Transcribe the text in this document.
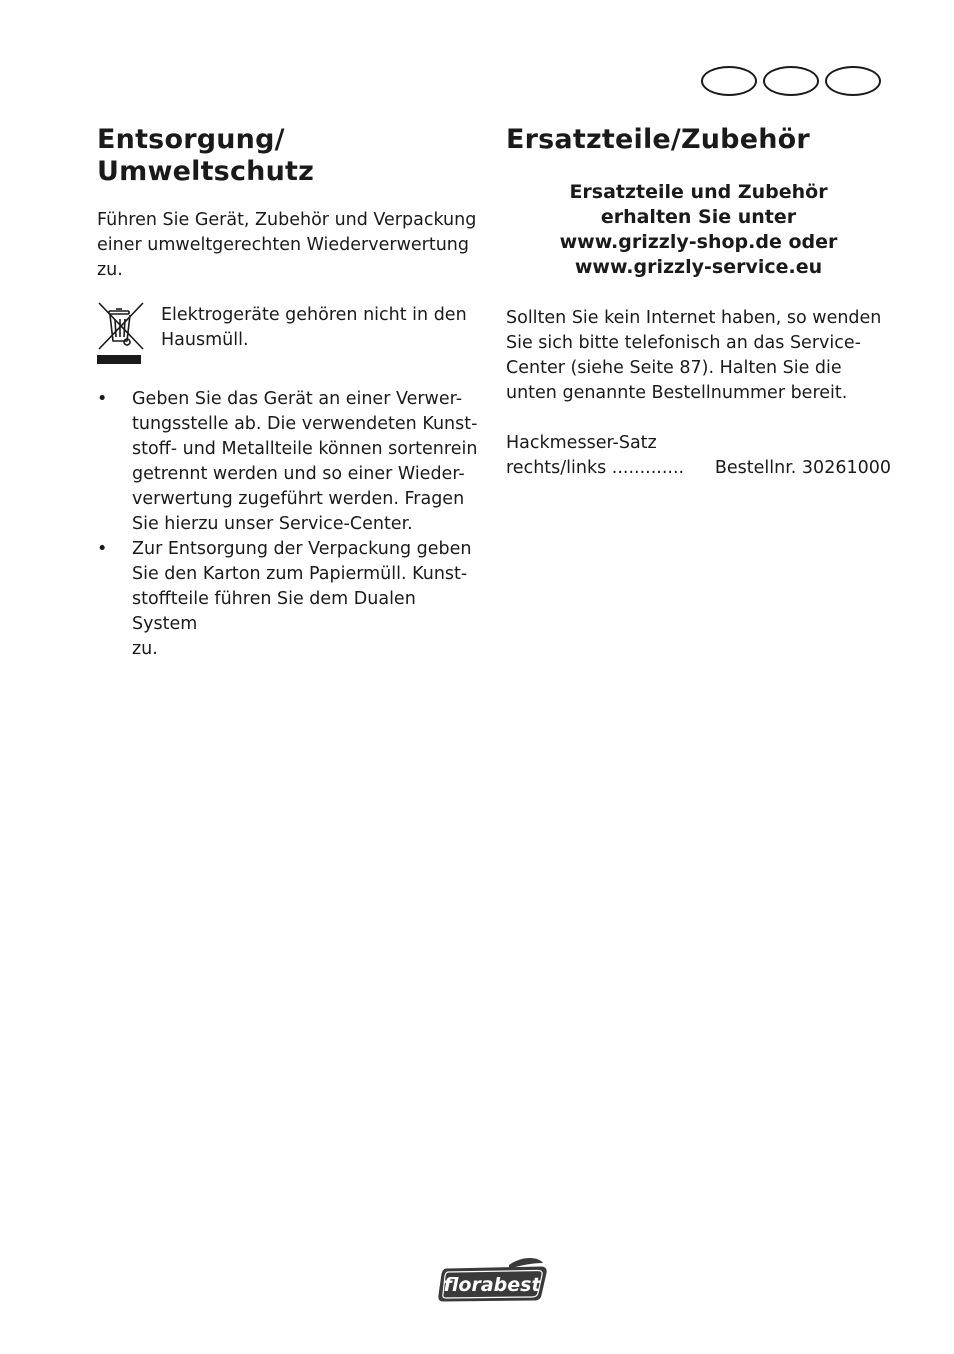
Entsorgung/
Umweltschutz

Führen Sie Gerät, Zubehör und Verpackung
einer umweltgerechten Wiederverwertung
zu.

Elektrogeräte gehören nicht in den
Hausmüll.

• Geben Sie das Gerät an einer Verwer-
tungsstelle ab. Die verwendeten Kunst-
stoff- und Metallteile können sortenrein
getrennt werden und so einer Wieder-
verwertung zugeführt werden. Fragen
Sie hierzu unser Service-Center.
• Zur Entsorgung der Verpackung geben
Sie den Karton zum Papiermüll. Kunst-
stoffteile führen Sie dem Dualen System
zu.
Ersatzteile/Zubehör

Ersatzteile und Zubehör
erhalten Sie unter
www.grizzly-shop.de oder
www.grizzly-service.eu

Sollten Sie kein Internet haben, so wenden
Sie sich bitte telefonisch an das Service-
Center (siehe Seite 87). Halten Sie die
unten genannte Bestellnummer bereit.

Hackmesser-Satz
rechts/links ............. Bestellnr. 30261000
florabest
